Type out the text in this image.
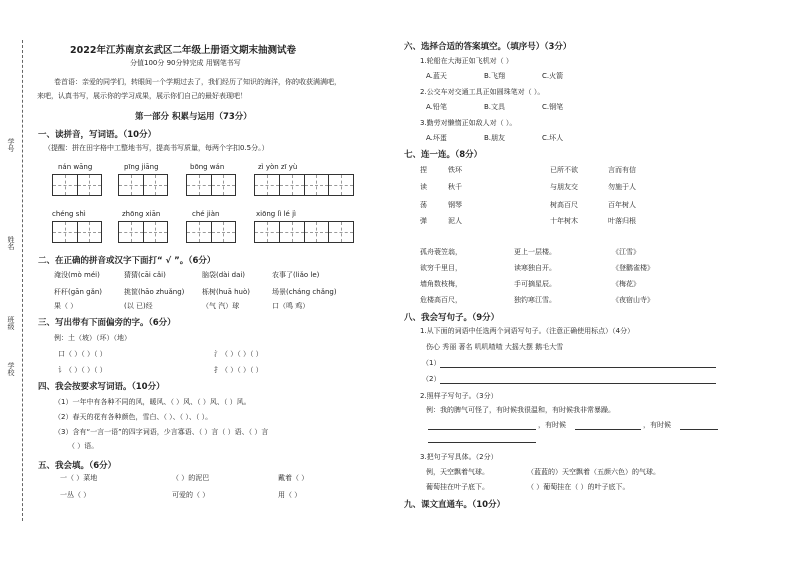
学号
姓名
班级
学校
2022年江苏南京玄武区二年级上册语文期末抽测试卷
分值100分 90分钟完成 用钢笔书写
卷首语：亲爱的同学们，转眼间一个学期过去了，我们经历了知识的海洋，你的收获满满吧，
来吧，认真书写，展示你的学习成果，展示你们自己的最好表现吧！
第一部分 积累与运用（73分）
一、读拼音，写词语。（10分）
（提醒：拼在田字格中工整地书写，提高书写质量，每两个字扣0.5分。）
nán wāng	pīng jiāng	bōng wán	zì yòn zī yù
chéng shì	zhōng xiān	ché jiàn	xiōng lì lé jì
二、在正确的拼音或汉字下面打“ √ ”。（6分）
淹没(mò méi)	猜猜(cāi cǎi)	脑袋(dài dai)	农事了(liǎo le)
秆秆(gān gǎn)	挑筐(hāo zhuǎng)	栎树(huā huò)	场景(cháng chǎng)
果（ ）	(以 已)经	（气 汽）球	口（鸣 鸡）
三、写出带有下面偏旁的字。（6分）
例：土（坡）（坏）（地）
口（ ）（ ）（ ）	氵（ ）（ ）（ ）
讠（ ）（ ）（ ）	扌（ ）（ ）（ ）
四、我会按要求写词语。（10分）
（1）一年中有各种不同的风，暖风、（ ）风、（ ）风、（ ）风。
（2）春天的花有各种颜色，雪白、（ ）、（ ）、（ ）。
（3）含有“一言一语”的四字词语，少言寡语、（ ）言（ ）语、（ ）言
（ ）语。
五、我会填。（6分）
一（ ）菜地	（ ）的泥巴	戴着（ ）
一丛（ ）	可爱的（ ）	用（ ）
六、选择合适的答案填空。（填序号）（3分）
1.轮船在大海正如飞机对（ ）
A.蓝天	B.飞翔	C.火箭
2.公交车对交通工具正如圆珠笔对（ ）。
A.铅笔	B.文具	C.钢笔
3.勤劳对懒惰正如敌人对（ ）。
A.坏蛋	B.朋友	C.坏人
七、连一连。（8分）
捏	铁环	已所不欲	言而有信
读	秋千	与朋友交	勿施于人
荡	钢琴	树高百尺	百年树人
弹	泥人	十年树木	叶落归根
孤舟蓑笠翁，	更上一层楼。	《江雪》
欲穷千里目，	读寒独自开。	《登鹳雀楼》
墙角数枝梅，	手可摘星辰。	《梅花》
危楼高百尺，	独钓寒江雪。	《夜宿山寺》
八、我会写句子。（9分）
1.从下面的词语中任选两个词语写句子。（注意正确使用标点）（4分）
伤心 秀丽 著名 叽叽喳喳 大摇大摆 鹅毛大雪
（1）
（2）
2.照样子写句子。（3分）
例：我的脾气可怪了，有时候我很温和，有时候我非常暴躁。
，有时候	，有时候
3.把句子写具体。（2分）
例，天空飘着气球。	（蓝蓝的）天空飘着（五颜六色）的气球。
葡萄挂在叶子底下。	（ ）葡萄挂在（ ）的叶子底下。
九、课文直通车。（10分）
